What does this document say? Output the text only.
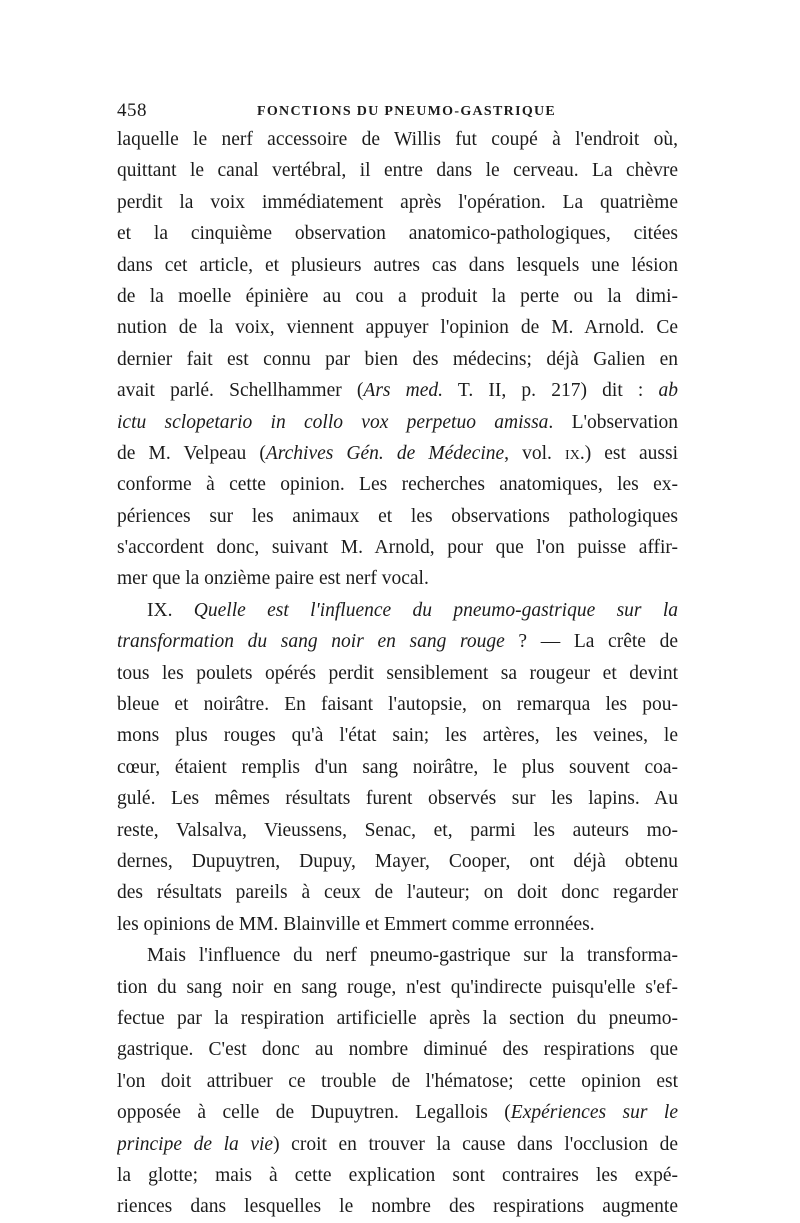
458	FONCTIONS DU PNEUMO-GASTRIQUE
laquelle le nerf accessoire de Willis fut coupé à l'endroit où,
quittant le canal vertébral, il entre dans le cerveau. La chèvre
perdit la voix immédiatement après l'opération. La quatrième
et la cinquième observation anatomico-pathologiques, citées
dans cet article, et plusieurs autres cas dans lesquels une lésion
de la moelle épinière au cou a produit la perte ou la dimi-
nution de la voix, viennent appuyer l'opinion de M. Arnold. Ce
dernier fait est connu par bien des médecins; déjà Galien en
avait parlé. Schellhammer (Ars med. T. II, p. 217) dit : ab
ictu sclopetario in collo vox perpetuo amissa. L'observation
de M. Velpeau (Archives Gén. de Médecine, vol. ix.) est aussi
conforme à cette opinion. Les recherches anatomiques, les ex-
périences sur les animaux et les observations pathologiques
s'accordent donc, suivant M. Arnold, pour que l'on puisse affir-
mer que la onzième paire est nerf vocal.
IX. Quelle est l'influence du pneumo-gastrique sur la
transformation du sang noir en sang rouge ? — La crête de
tous les poulets opérés perdit sensiblement sa rougeur et devint
bleue et noirâtre. En faisant l'autopsie, on remarqua les pou-
mons plus rouges qu'à l'état sain; les artères, les veines, le
cœur, étaient remplis d'un sang noirâtre, le plus souvent coa-
gulé. Les mêmes résultats furent observés sur les lapins. Au
reste, Valsalva, Vieussens, Senac, et, parmi les auteurs mo-
dernes, Dupuytren, Dupuy, Mayer, Cooper, ont déjà obtenu
des résultats pareils à ceux de l'auteur; on doit donc regarder
les opinions de MM. Blainville et Emmert comme erronnées.
Mais l'influence du nerf pneumo-gastrique sur la transforma-
tion du sang noir en sang rouge, n'est qu'indirecte puisqu'elle s'ef-
fectue par la respiration artificielle après la section du pneumo-
gastrique. C'est donc au nombre diminué des respirations que
l'on doit attribuer ce trouble de l'hématose; cette opinion est
opposée à celle de Dupuytren. Legallois (Expériences sur le
principe de la vie) croit en trouver la cause dans l'occlusion de
la glotte; mais à cette explication sont contraires les expé-
riences dans lesquelles le nombre des respirations augmente
